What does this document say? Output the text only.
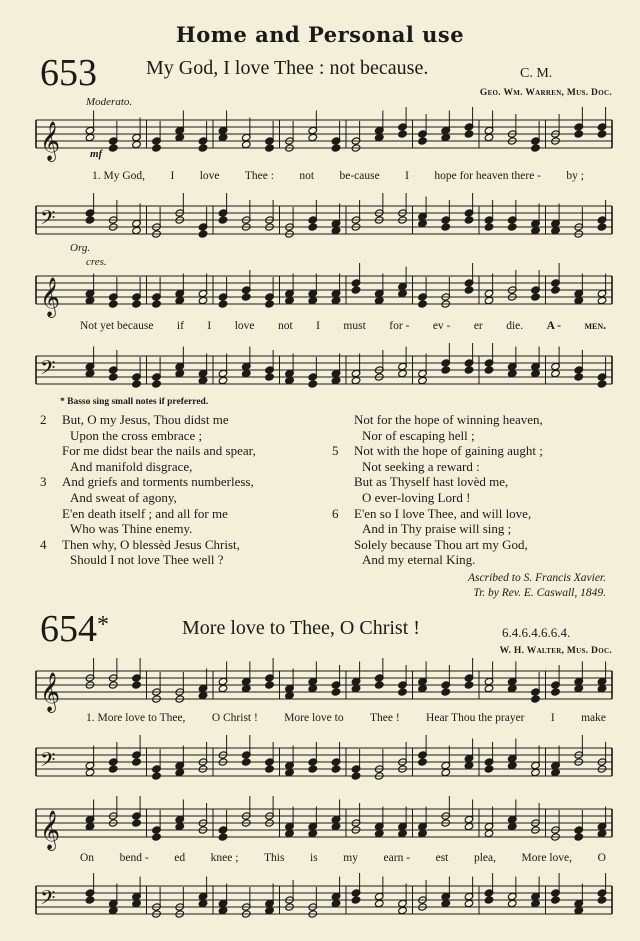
Home and Personal use
653 My God, I love Thee : not because.	C. M.
Geo. Wm. Warren, Mus. Doc.
Moderato.
𝄞	mf
1. My God, I love Thee : not be-cause I hope for heaven there - by ;
𝄢
Org.
cres.
𝄞
Not yet because if I love not I must for - ev - er die. A - men.
𝄢
* Basso sing small notes if preferred.
2 But, O my Jesus, Thou didst me
Upon the cross embrace ;
For me didst bear the nails and spear,
And manifold disgrace,
3 And griefs and torments numberless,
And sweat of agony,
E'en death itself ; and all for me
Who was Thine enemy.
4 Then why, O blessèd Jesus Christ,
Should I not love Thee well ?
Not for the hope of winning heaven,
Nor of escaping hell ;
5 Not with the hope of gaining aught ;
Not seeking a reward :
But as Thyself hast lovèd me,
O ever-loving Lord !
6 E'en so I love Thee, and will love,
And in Thy praise will sing ;
Solely because Thou art my God,
And my eternal King.
Ascribed to S. Francis Xavier.
Tr. by Rev. E. Caswall, 1849.
654*	More love to Thee, O Christ !	6.4.6.4.6.6.4.
W. H. Walter, Mus. Doc.
𝄞
1. More love to Thee, O Christ ! More love to Thee ! Hear Thou the prayer I make
𝄢
𝄞
On bend - ed knee ; This is my earn - est plea, More love, O
𝄢
